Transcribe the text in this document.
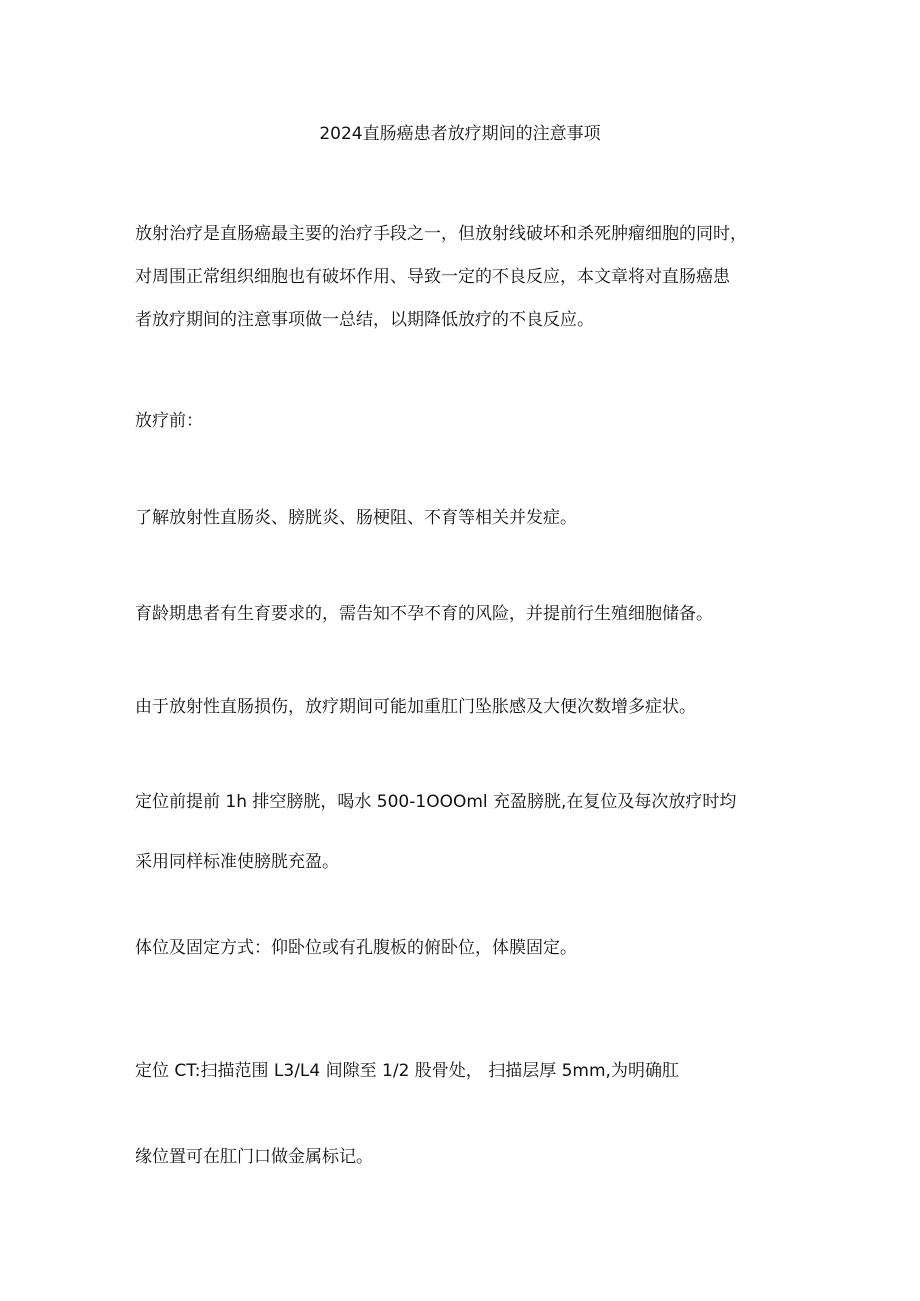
2024直肠癌患者放疗期间的注意事项
放射治疗是直肠癌最主要的治疗手段之一，但放射线破坏和杀死肿瘤细胞的同时，
对周围正常组织细胞也有破坏作用、导致一定的不良反应，本文章将对直肠癌患
者放疗期间的注意事项做一总结，以期降低放疗的不良反应。
放疗前：
了解放射性直肠炎、膀胱炎、肠梗阻、不育等相关并发症。
育龄期患者有生育要求的，需告知不孕不育的风险，并提前行生殖细胞储备。
由于放射性直肠损伤，放疗期间可能加重肛门坠胀感及大便次数增多症状。
定位前提前 1h 排空膀胱，喝水 500-1OOOml 充盈膀胱,在复位及每次放疗时均
采用同样标准使膀胱充盈。
体位及固定方式：仰卧位或有孔腹板的俯卧位，体膜固定。
定位 CT:扫描范围 L3/L4 间隙至 1/2 股骨处， 扫描层厚 5mm,为明确肛
缘位置可在肛门口做金属标记。
